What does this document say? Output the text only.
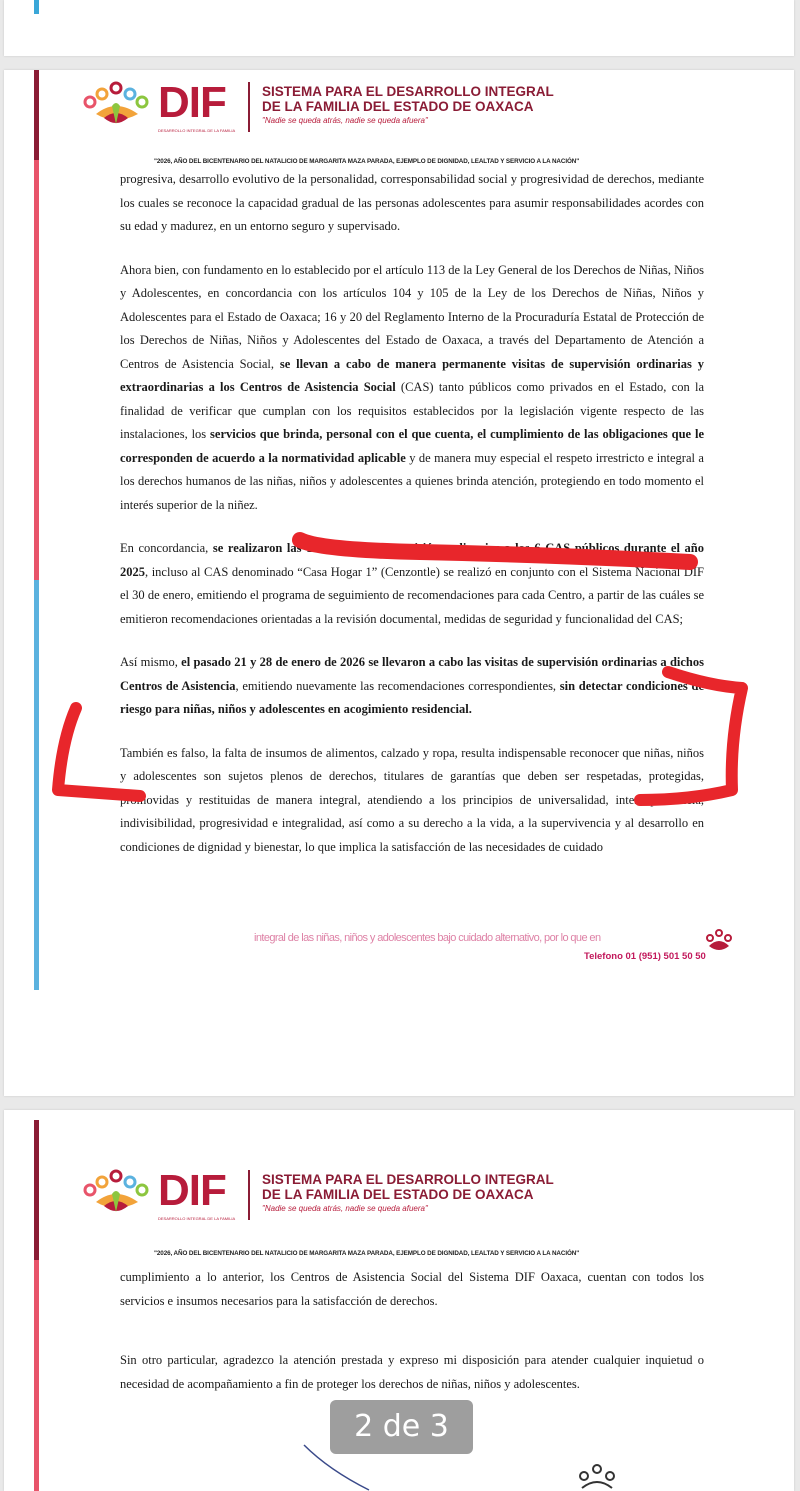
DIF
DESARROLLO INTEGRAL DE LA FAMILIA
SISTEMA PARA EL DESARROLLO INTEGRAL
DE LA FAMILIA DEL ESTADO DE OAXACA
"Nadie se queda atrás, nadie se queda afuera"
"2026, AÑO DEL BICENTENARIO DEL NATALICIO DE MARGARITA MAZA PARADA, EJEMPLO DE DIGNIDAD, LEALTAD Y SERVICIO A LA NACIÓN"

progresiva, desarrollo evolutivo de la personalidad, corresponsabilidad social y progresividad de derechos, mediante los cuales se reconoce la capacidad gradual de las personas adolescentes para asumir responsabilidades acordes con su edad y madurez, en un entorno seguro y supervisado.

Ahora bien, con fundamento en lo establecido por el artículo 113 de la Ley General de los Derechos de Niñas, Niños y Adolescentes, en concordancia con los artículos 104 y 105 de la Ley de los Derechos de Niñas, Niños y Adolescentes para el Estado de Oaxaca; 16 y 20 del Reglamento Interno de la Procuraduría Estatal de Protección de los Derechos de Niñas, Niños y Adolescentes del Estado de Oaxaca, a través del Departamento de Atención a Centros de Asistencia Social, se llevan a cabo de manera permanente visitas de supervisión ordinarias y extraordinarias a los Centros de Asistencia Social (CAS) tanto públicos como privados en el Estado, con la finalidad de verificar que cumplan con los requisitos establecidos por la legislación vigente respecto de las instalaciones, los servicios que brinda, personal con el que cuenta, el cumplimiento de las obligaciones que le corresponden de acuerdo a la normatividad aplicable y de manera muy especial el respeto irrestricto e integral a los derechos humanos de las niñas, niños y adolescentes a quienes brinda atención, protegiendo en todo momento el interés superior de la niñez.

En concordancia, se realizaron las 12 visitas de supervisión ordinarias a los 6 CAS públicos durante el año 2025, incluso al CAS denominado “Casa Hogar 1” (Cenzontle) se realizó en conjunto con el Sistema Nacional DIF el 30 de enero, emitiendo el programa de seguimiento de recomendaciones para cada Centro, a partir de las cuáles se emitieron recomendaciones orientadas a la revisión documental, medidas de seguridad y funcionalidad del CAS;

Así mismo, el pasado 21 y 28 de enero de 2026 se llevaron a cabo las visitas de supervisión ordinarias a dichos Centros de Asistencia, emitiendo nuevamente las recomendaciones correspondientes, sin detectar condiciones de riesgo para niñas, niños y adolescentes en acogimiento residencial.

También es falso, la falta de insumos de alimentos, calzado y ropa, resulta indispensable reconocer que niñas, niños y adolescentes son sujetos plenos de derechos, titulares de garantías que deben ser respetadas, protegidas, promovidas y restituidas de manera integral, atendiendo a los principios de universalidad, interdependencia, indivisibilidad, progresividad e integralidad, así como a su derecho a la vida, a la supervivencia y al desarrollo en condiciones de dignidad y bienestar, lo que implica la satisfacción de las necesidades de cuidado

integral de las niñas, niños y adolescentes bajo cuidado alternativo, por lo que en
Telefono 01 (951) 501 50 50
DIF
DESARROLLO INTEGRAL DE LA FAMILIA
SISTEMA PARA EL DESARROLLO INTEGRAL
DE LA FAMILIA DEL ESTADO DE OAXACA
"Nadie se queda atrás, nadie se queda afuera"
"2026, AÑO DEL BICENTENARIO DEL NATALICIO DE MARGARITA MAZA PARADA, EJEMPLO DE DIGNIDAD, LEALTAD Y SERVICIO A LA NACIÓN"

cumplimiento a lo anterior, los Centros de Asistencia Social del Sistema DIF Oaxaca, cuentan con todos los servicios e insumos necesarios para la satisfacción de derechos.

Sin otro particular, agradezco la atención prestada y expreso mi disposición para atender cualquier inquietud o necesidad de acompañamiento a fin de proteger los derechos de niñas, niños y adolescentes.

2 de 3
